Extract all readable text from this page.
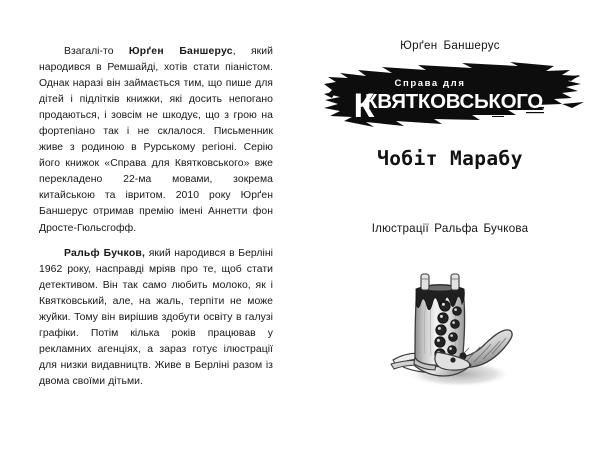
Взагалі-то Юрґен Баншерус, який народився в Ремшайді, хотів стати піаністом. Однак наразі він займається тим, що пише для дітей і підлітків книжки, які досить непогано продаються, і зовсім не шкодує, що з грою на фортепіано так і не склалося. Письменник живе з родиною в Рурському регіоні. Серію його книжок «Справа для Квятковського» вже перекладено 22-ма мовами, зокрема китайською та івритом. 2010 року Юрґен Баншерус отримав премію імені Аннетти фон Дросте-Гюльсгофф.

Ральф Бучков, який народився в Берліні 1962 року, насправді мріяв про те, щоб стати детективом. Він так само любить молоко, як і Квятковський, але, на жаль, терпіти не може жуйки. Тому він вирішив здобути освіту в галузі графіки. Потім кілька років працював у рекламних агенціях, а зараз готує ілюстрації для низки видавництв. Живе в Берліні разом із двома своїми дітьми.

Юрґен Баншерус
Справа для
КВЯТКОВСЬКОГО
К
Чобіт Марабу
Ілюстрації Ральфа Бучкова
